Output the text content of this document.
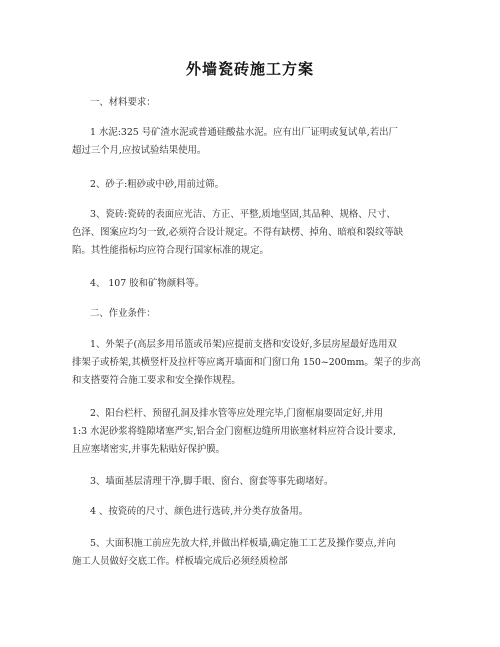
外墙瓷砖施工方案
一、材料要求：
1 水泥:325 号矿渣水泥或普通硅酸盐水泥。应有出厂证明或复试单,若出厂
超过三个月,应按试验结果使用。
2、砂子:粗砂或中砂,用前过筛。
3、瓷砖:瓷砖的表面应光洁、方正、平整,质地坚固,其品种、规格、尺寸、
色泽、图案应均匀一致,必须符合设计规定。不得有缺楞、掉角、暗痕和裂纹等缺
陷。其性能指标均应符合现行国家标准的规定。
4、 107 胶和矿物颜料等。
二、作业条件：
1、外架子(高层多用吊篮或吊架)应提前支搭和安设好,多层房屋最好选用双
排架子或桥架,其横竖杆及拉杆等应离开墙面和门窗口角 150~200mm。架子的步高
和支搭要符合施工要求和安全操作规程。
2、阳台栏杆、预留孔洞及排水管等应处理完毕,门窗框扇要固定好,并用
1:3 水泥砂浆将缝隙堵塞严实,铝合金门窗框边缝所用嵌塞材料应符合设计要求,
且应塞堵密实,并事先粘贴好保护膜。
3、墙面基层清理干净,脚手眼、窗台、窗套等事先砌堵好。
4 、按瓷砖的尺寸、颜色进行选砖,并分类存放备用。
5、大面积施工前应先放大样,并做出样板墙,确定施工工艺及操作要点,并向
施工人员做好交底工作。样板墙完成后必须经质检部
